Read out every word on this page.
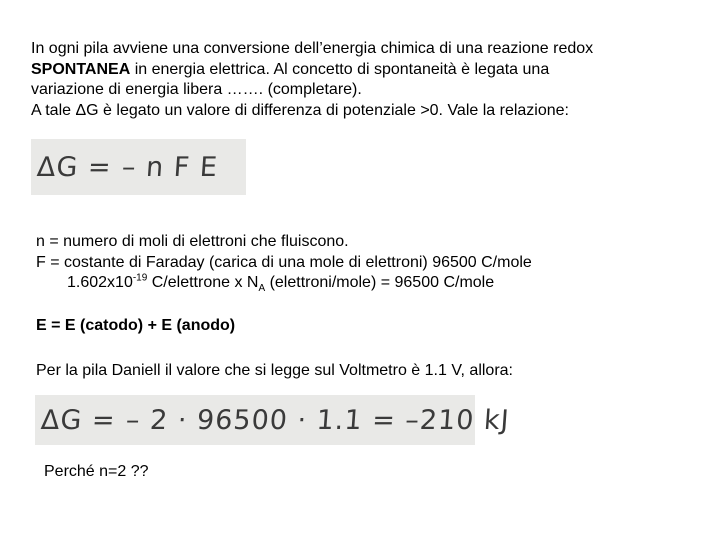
In ogni pila avviene una conversione dell’energia chimica di una reazione redox

SPONTANEA in energia elettrica. Al concetto di spontaneità è legata una

variazione di energia libera ……. (completare).

A tale ΔG è legato un valore di differenza di potenziale >0. Vale la relazione:

ΔG = – n F E

n = numero di moli di elettroni che fluiscono.

F = costante di Faraday (carica di una mole di elettroni) 96500 C/mole

$1.602x10^{-19}$ C/elettrone x $N_A$ (elettroni/mole) = 96500 C/mole

E = E (catodo) + E (anodo)
Per la pila Daniell il valore che si legge sul Voltmetro è 1.1 V, allora:
ΔG = – 2 · 96500 · 1.1 = –210 kJ
Perché n=2 ??
